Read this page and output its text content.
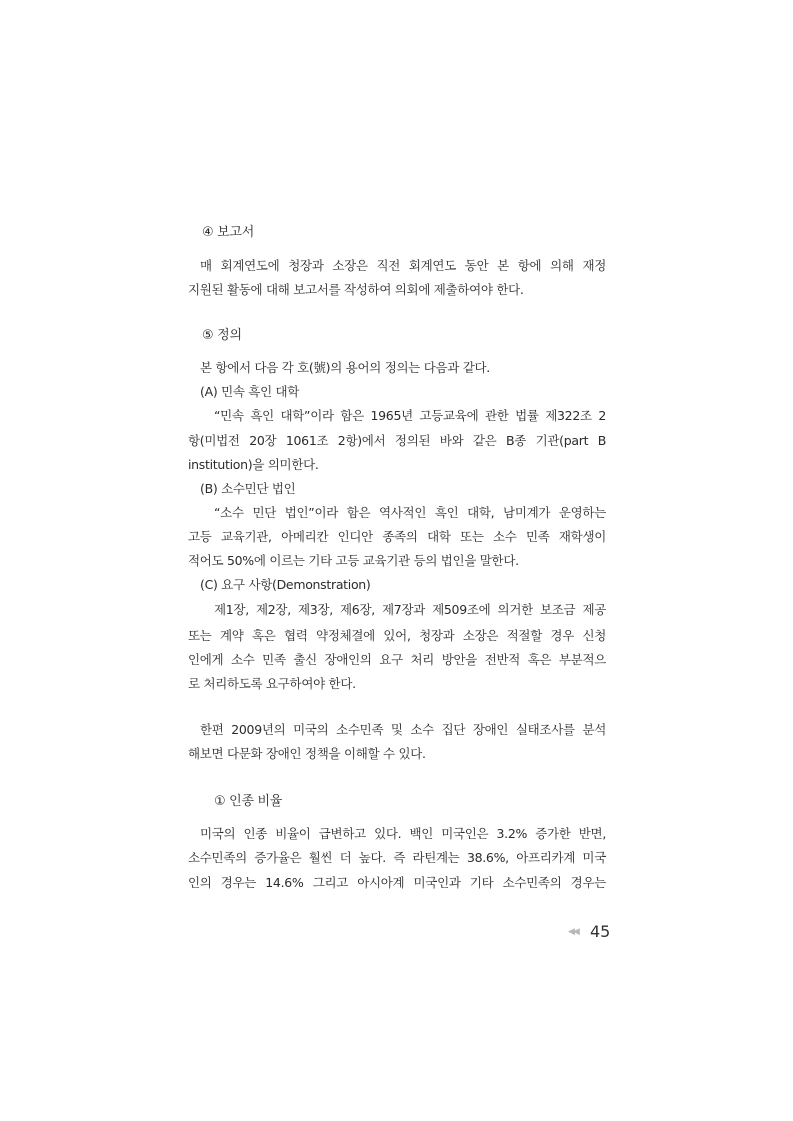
④ 보고서
매 회계연도에 청장과 소장은 직전 회계연도 동안 본 항에 의해 재정
지원된 활동에 대해 보고서를 작성하여 의회에 제출하여야 한다.
⑤ 정의
본 항에서 다음 각 호(號)의 용어의 정의는 다음과 같다.
(A) 민속 흑인 대학
“민속 흑인 대학”이라 함은 1965년 고등교육에 관한 법률 제322조 2
항(미법전 20장 1061조 2항)에서 정의된 바와 같은 B종 기관(part B
institution)을 의미한다.
(B) 소수민단 법인
“소수 민단 법인”이라 함은 역사적인 흑인 대학, 남미계가 운영하는
고등 교육기관, 아메리칸 인디안 종족의 대학 또는 소수 민족 재학생이
적어도 50%에 이르는 기타 고등 교육기관 등의 법인을 말한다.
(C) 요구 사항(Demonstration)
제1장, 제2장, 제3장, 제6장, 제7장과 제509조에 의거한 보조금 제공
또는 계약 혹은 협력 약정체결에 있어, 청장과 소장은 적절할 경우 신청
인에게 소수 민족 출신 장애인의 요구 처리 방안을 전반적 혹은 부분적으
로 처리하도록 요구하여야 한다.
한편 2009년의 미국의 소수민족 및 소수 집단 장애인 실태조사를 분석
해보면 다문화 장애인 정책을 이해할 수 있다.
① 인종 비율
미국의 인종 비율이 급변하고 있다. 백인 미국인은 3.2% 증가한 반면,
소수민족의 증가율은 훨씬 더 높다. 즉 라틴계는 38.6%, 아프리카계 미국
인의 경우는 14.6% 그리고 아시아계 미국인과 기타 소수민족의 경우는
◀◀ 45
